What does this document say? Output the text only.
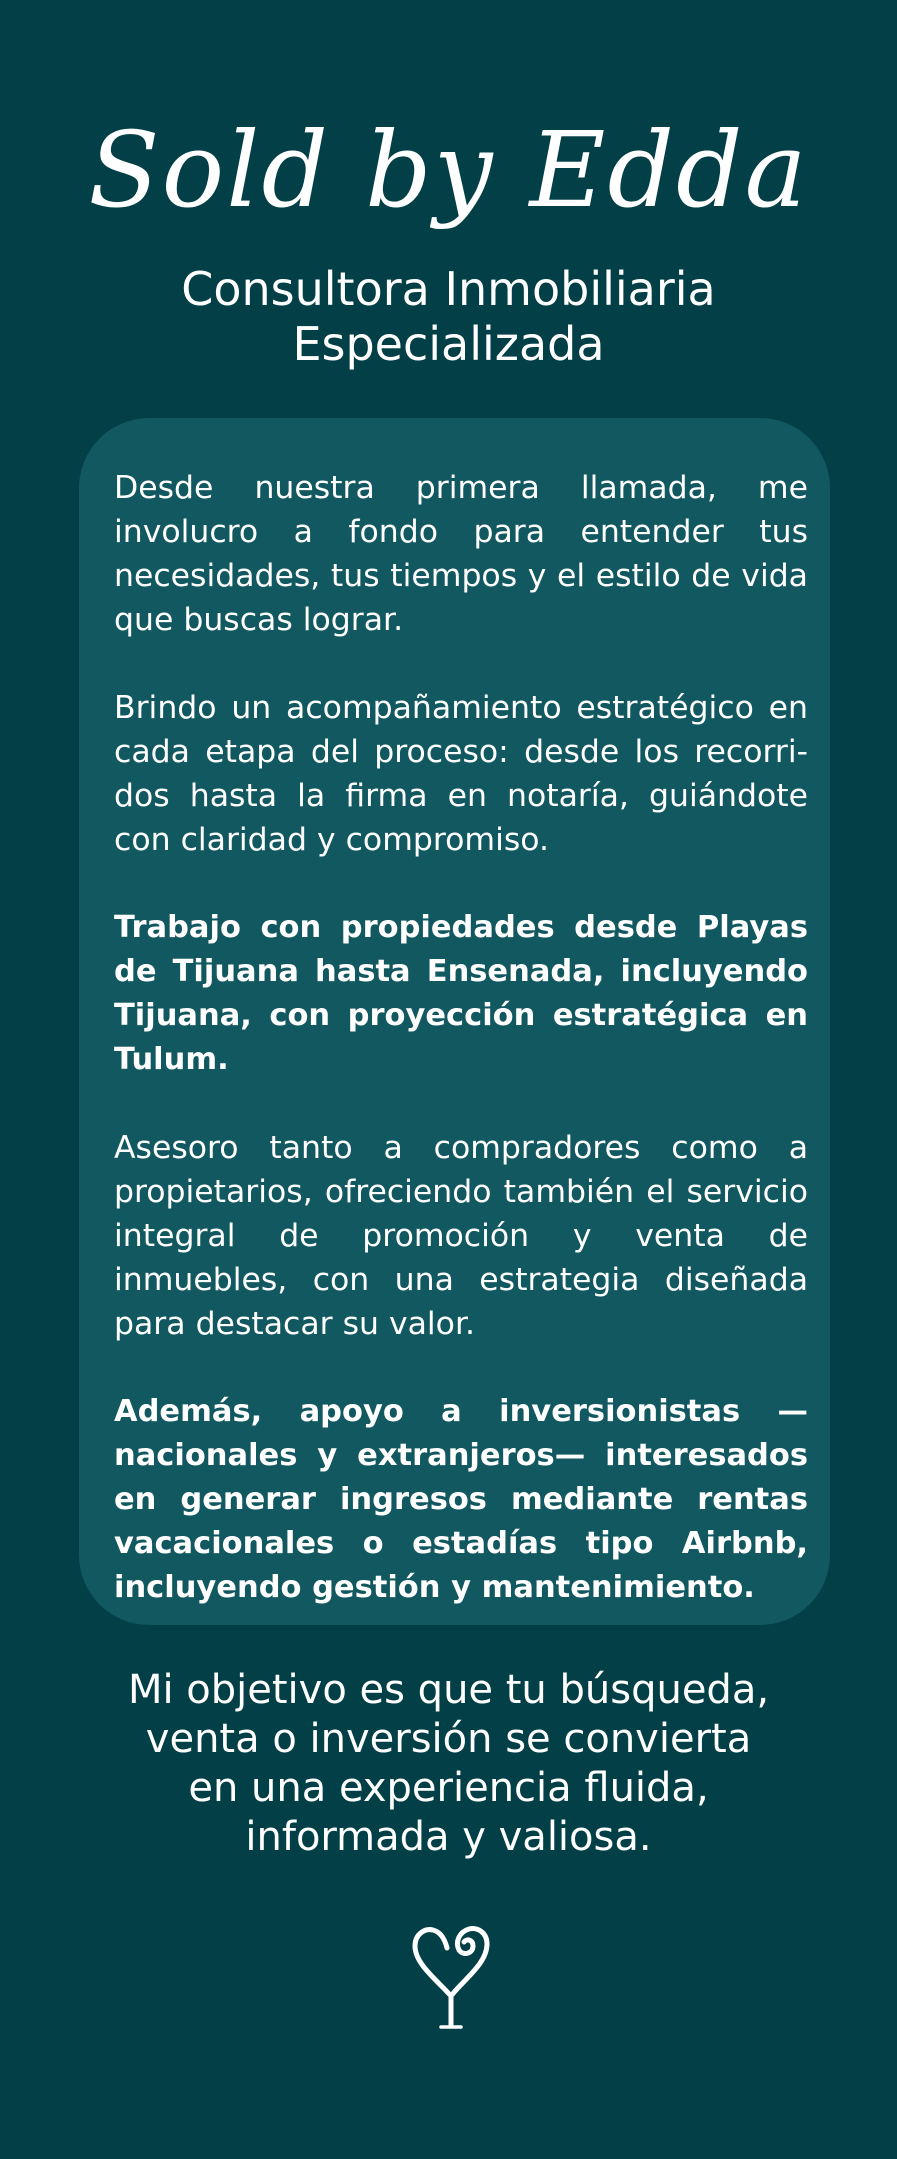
Sold by Edda
Consultora Inmobiliaria
Especializada

Desde nuestra primera llamada, me involucro a fondo para entender tus necesidades, tus tiempos y el estilo de vida que buscas lograr.

Brindo un acompañamiento estratégico en cada etapa del proceso: desde los recorridos hasta la firma en notaría, guiándote con claridad y compromiso.

Trabajo con propiedades desde Playas de Tijuana hasta Ensenada, incluyendo Tijuana, con proyección estratégica en Tulum.

Asesoro tanto a compradores como a propietarios, ofreciendo también el servicio integral de promoción y venta de inmuebles, con una estrategia diseñada para destacar su valor.

Además, apoyo a inversionistas —nacionales y extranjeros— interesados en generar ingresos mediante rentas vacacionales o estadías tipo Airbnb, incluyendo gestión y mantenimiento.

Mi objetivo es que tu búsqueda,
venta o inversión se convierta
en una experiencia fluida,
informada y valiosa.
